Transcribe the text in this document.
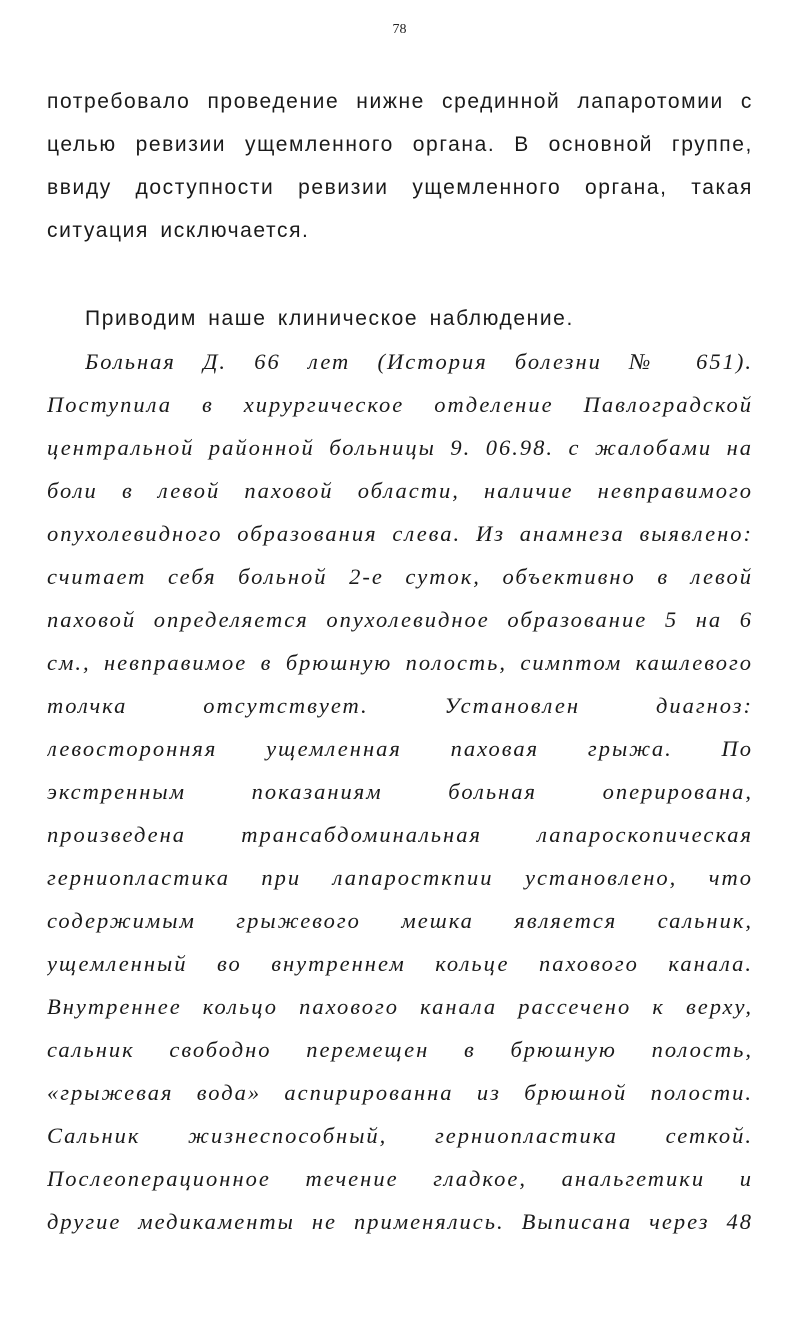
78
потребовало проведение нижне срединной лапаротомии с
целью ревизии ущемленного органа. В основной группе,
ввиду доступности ревизии ущемленного органа, такая
ситуация исключается.
Приводим наше клиническое наблюдение.
Больная Д. 66 лет (История болезни № 651).
Поступила в хирургическое отделение Павлоградской
центральной районной больницы 9. 06.98. с жалобами на
боли в левой паховой области, наличие невправимого
опухолевидного образования слева. Из анамнеза выявлено:
считает себя больной 2-е суток, объективно в левой
паховой определяется опухолевидное образование 5 на 6
см., невправимое в брюшную полость, симптом кашлевого
толчка отсутствует. Установлен диагноз:
левосторонняя ущемленная паховая грыжа. По
экстренным показаниям больная оперирована,
произведена трансабдоминальная лапароскопическая
герниопластика при лапаросткпии установлено, что
содержимым грыжевого мешка является сальник,
ущемленный во внутреннем кольце пахового канала.
Внутреннее кольцо пахового канала рассечено к верху,
сальник свободно перемещен в брюшную полость,
«грыжевая вода» аспирированна из брюшной полости.
Сальник жизнеспособный, герниопластика сеткой.
Послеоперационное течение гладкое, анальгетики и
другие медикаменты не применялись. Выписана через 48
